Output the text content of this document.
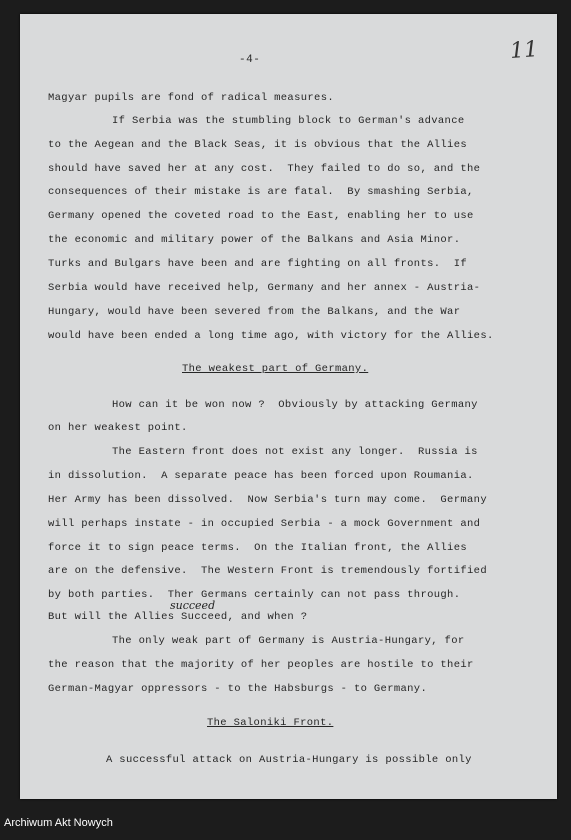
-4-	11
Magyar pupils are fond of radical measures.
If Serbia was the stumbling block to German's advance
to the Aegean and the Black Seas, it is obvious that the Allies
should have saved her at any cost.  They failed to do so, and the
consequences of their mistake is are fatal.  By smashing Serbia,
Germany opened the coveted road to the East, enabling her to use
the economic and military power of the Balkans and Asia Minor.
Turks and Bulgars have been and are fighting on all fronts.  If
Serbia would have received help, Germany and her annex - Austria-
Hungary, would have been severed from the Balkans, and the War
would have been ended a long time ago, with victory for the Allies.
The weakest part of Germany.
How can it be won now ?  Obviously by attacking Germany
on her weakest point.
The Eastern front does not exist any longer.  Russia is
in dissolution.  A separate peace has been forced upon Roumania.
Her Army has been dissolved.  Now Serbia's turn may come.  Germany
will perhaps instate - in occupied Serbia - a mock Government and
force it to sign peace terms.  On the Italian front, the Allies
are on the defensive.  The Western Front is tremendously fortified
by both parties.  Ther Germans certainly can not pass through.
But will the Allies Succeed, and when ?
succeed
The only weak part of Germany is Austria-Hungary, for
the reason that the majority of her peoples are hostile to their
German-Magyar oppressors - to the Habsburgs - to Germany.
The Saloniki Front.
A successful attack on Austria-Hungary is possible only
Archiwum Akt Nowych
